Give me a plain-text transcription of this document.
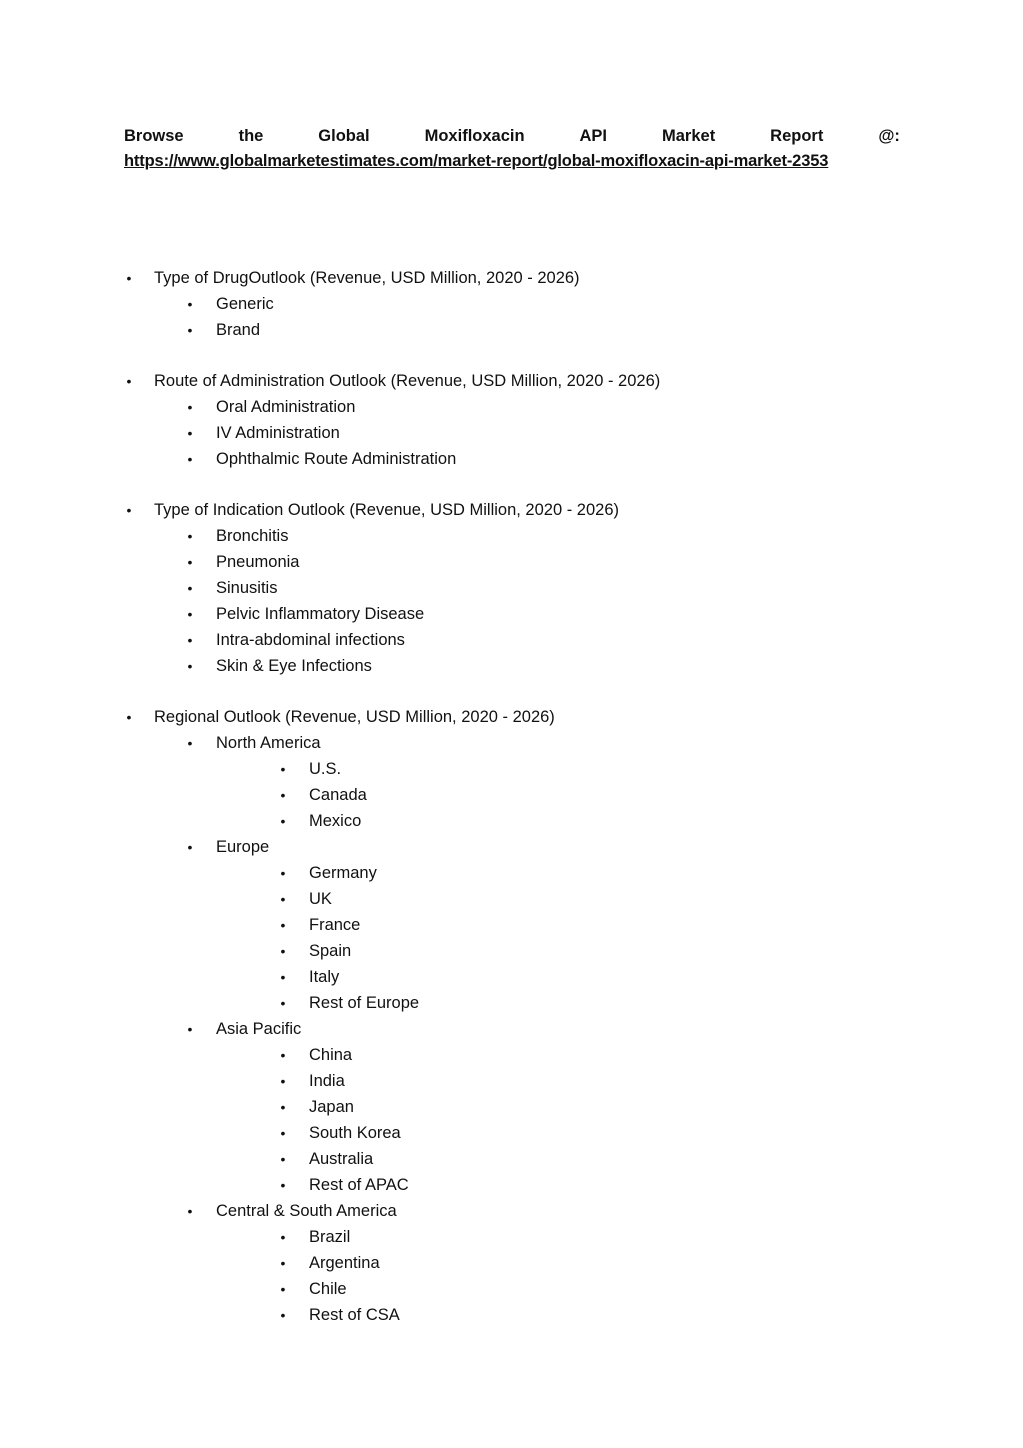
Browse	the	Global	Moxifloxacin	API	Market	Report	@:
https://www.globalmarketestimates.com/market-report/global-moxifloxacin-api-market-2353
• Type of DrugOutlook (Revenue, USD Million, 2020 - 2026)
• Generic
• Brand
• Route of Administration Outlook (Revenue, USD Million, 2020 - 2026)
• Oral Administration
• IV Administration
• Ophthalmic Route Administration
• Type of Indication Outlook (Revenue, USD Million, 2020 - 2026)
• Bronchitis
• Pneumonia
• Sinusitis
• Pelvic Inflammatory Disease
• Intra-abdominal infections
• Skin & Eye Infections
• Regional Outlook (Revenue, USD Million, 2020 - 2026)
• North America
• U.S.
• Canada
• Mexico
• Europe
• Germany
• UK
• France
• Spain
• Italy
• Rest of Europe
• Asia Pacific
• China
• India
• Japan
• South Korea
• Australia
• Rest of APAC
• Central & South America
• Brazil
• Argentina
• Chile
• Rest of CSA
